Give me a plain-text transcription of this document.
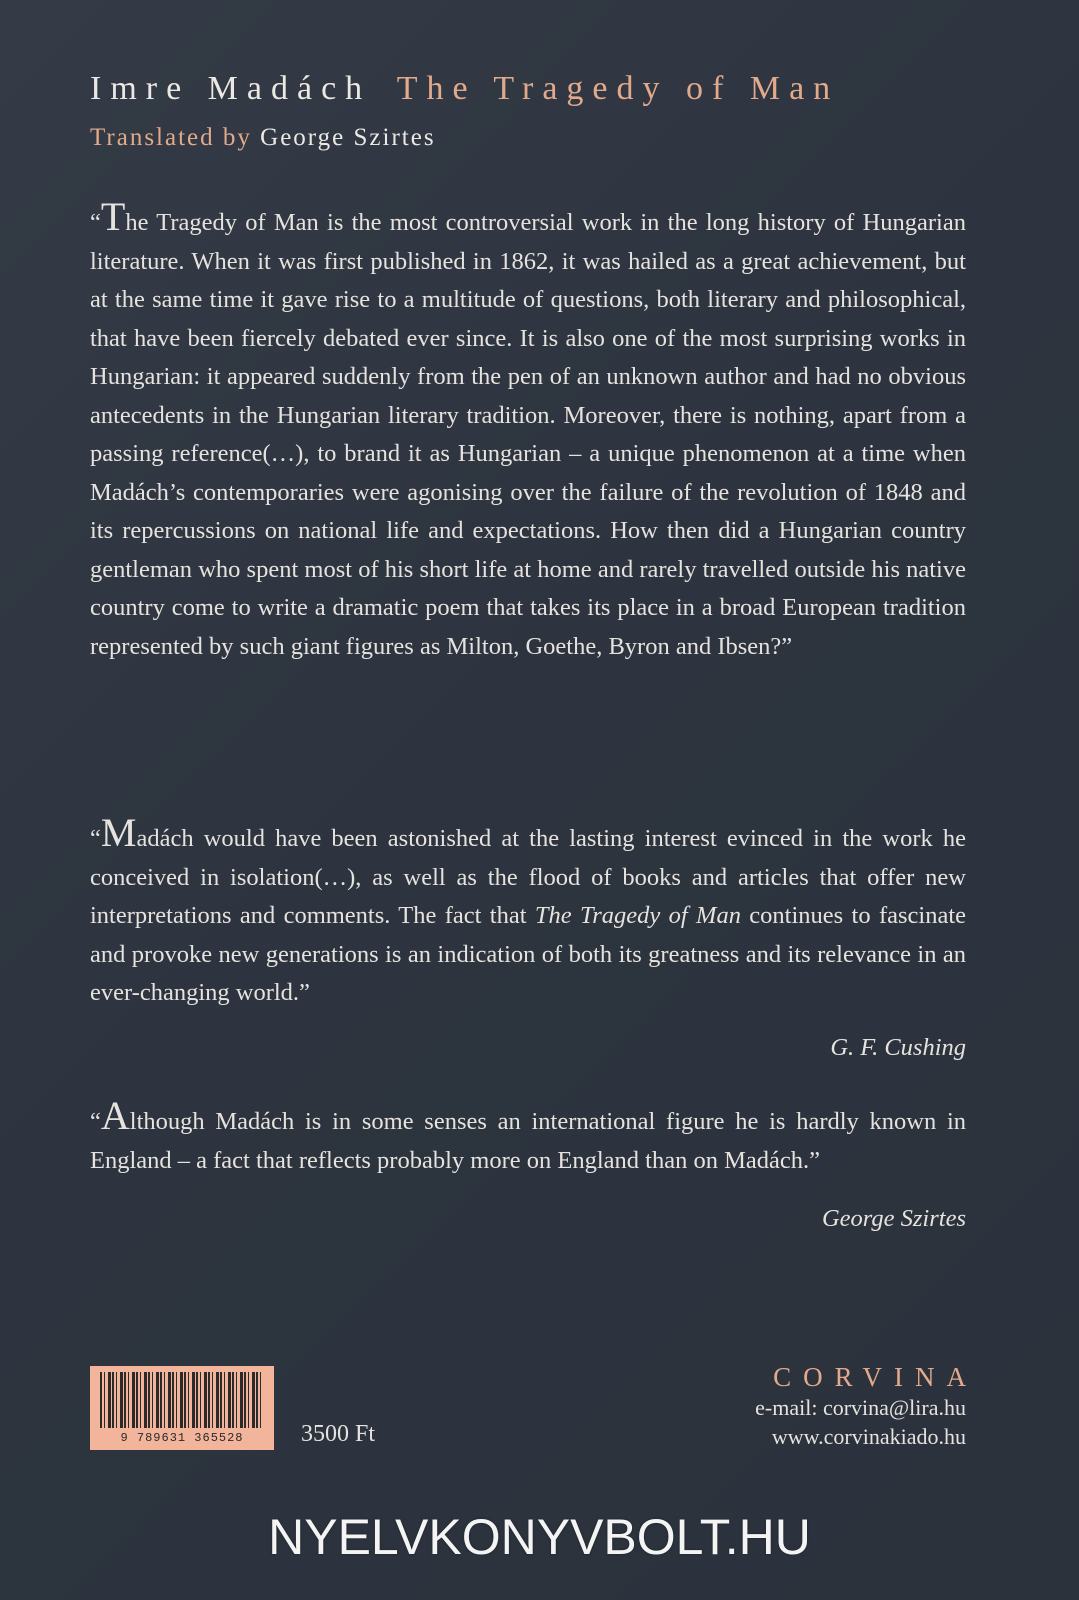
Imre Madách The Tragedy of Man
Translated by George Szirtes

“The Tragedy of Man is the most controversial work in the long history of Hungarian literature. When it was first published in 1862, it was hailed as a great achievement, but at the same time it gave rise to a multitude of questions, both literary and philosophical, that have been fiercely debated ever since. It is also one of the most surprising works in Hungarian: it appeared suddenly from the pen of an unknown author and had no obvious antecedents in the Hungarian literary tradition. Moreover, there is nothing, apart from a passing reference(…), to brand it as Hungarian – a unique phenomenon at a time when Madách’s contemporaries were agonising over the failure of the revolution of 1848 and its repercussions on national life and expectations. How then did a Hungarian country gentleman who spent most of his short life at home and rarely travelled outside his native country come to write a dramatic poem that takes its place in a broad European tradition represented by such giant figures as Milton, Goethe, Byron and Ibsen?”

“Madách would have been astonished at the lasting interest evinced in the work he conceived in isolation(…), as well as the flood of books and articles that offer new interpretations and comments. The fact that The Tragedy of Man continues to fascinate and provoke new generations is an indication of both its greatness and its relevance in an ever-changing world.”

G. F. Cushing

“Although Madách is in some senses an international figure he is hardly known in England – a fact that reflects probably more on England than on Madách.”

George Szirtes
9 789631 365528	3500 Ft
CORVINA
e-mail: corvina@lira.hu
www.corvinakiado.hu
NYELVKONYVBOLT.HU
